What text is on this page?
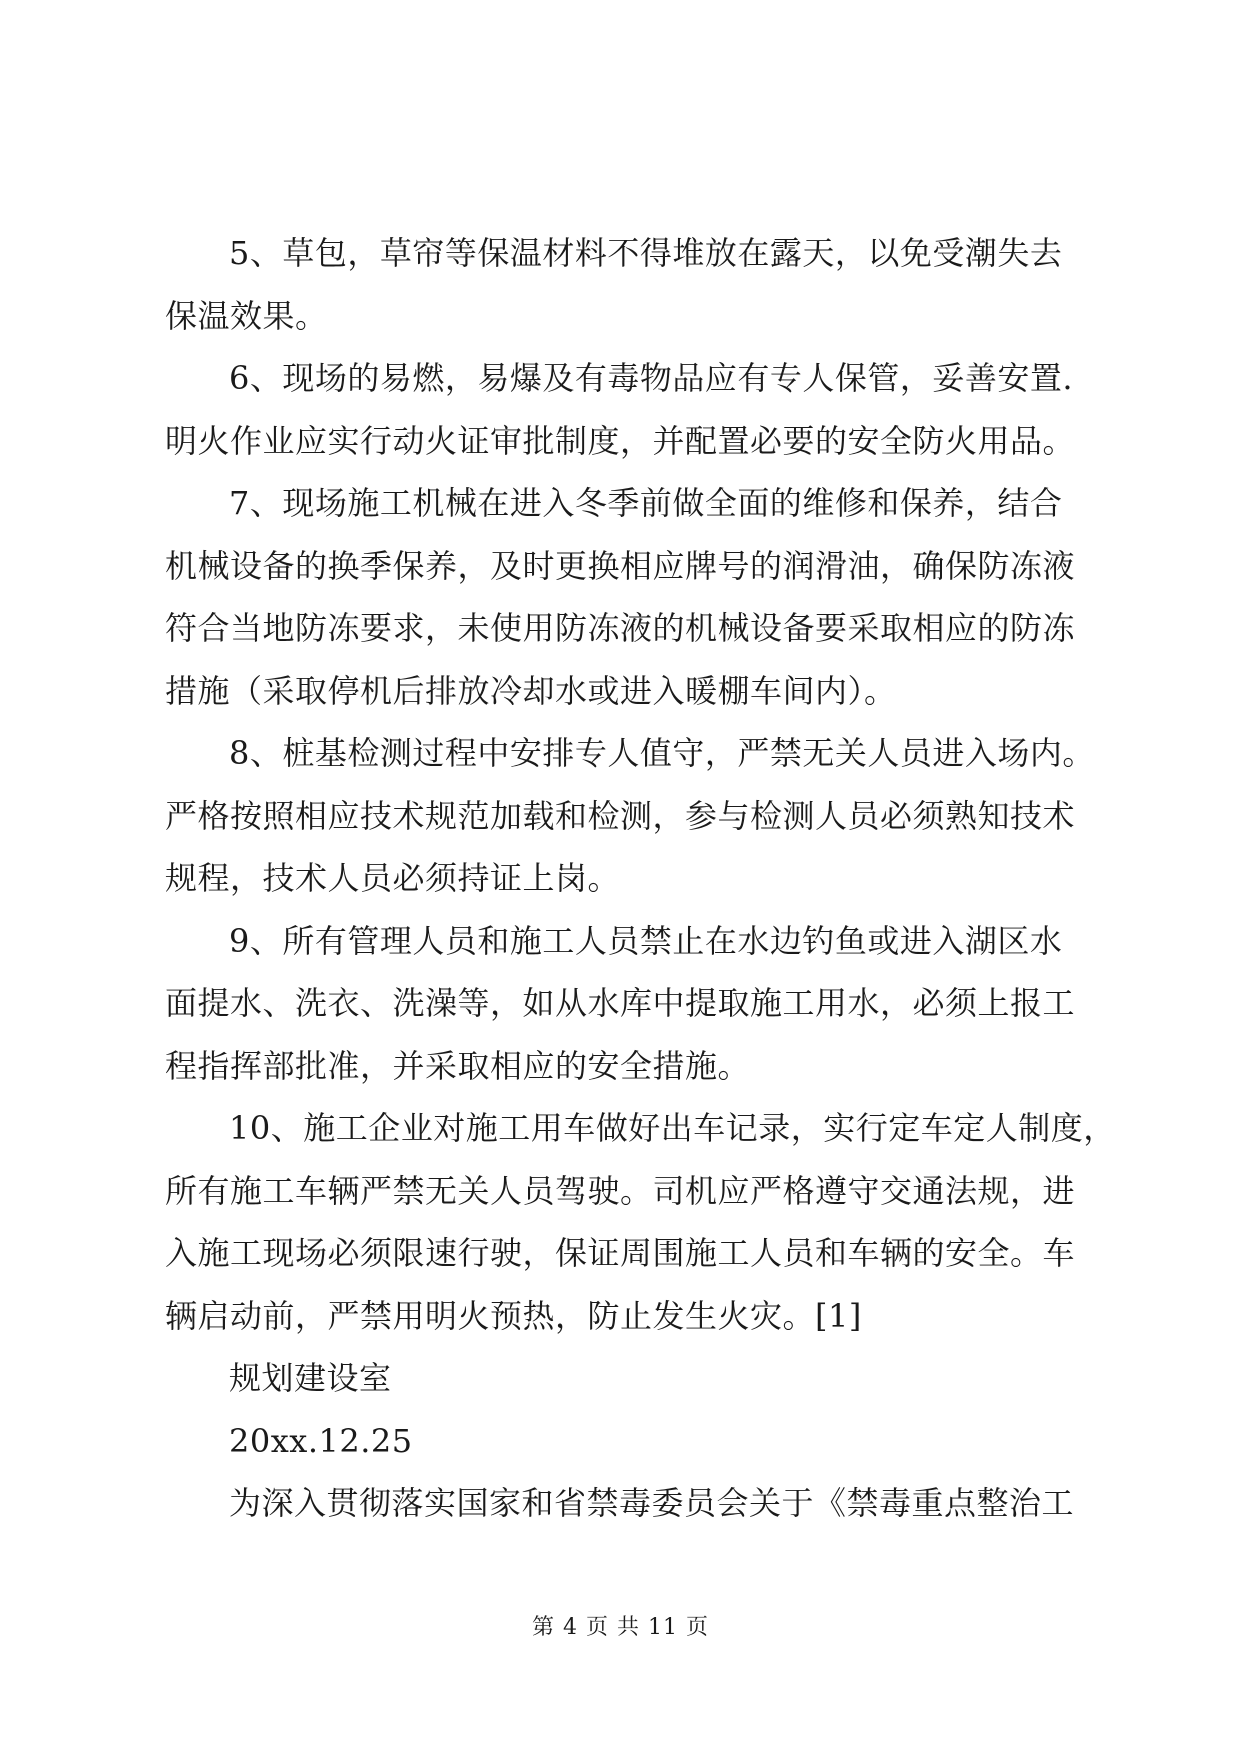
5、草包，草帘等保温材料不得堆放在露天，以免受潮失去
保温效果。
6、现场的易燃，易爆及有毒物品应有专人保管，妥善安置.
明火作业应实行动火证审批制度，并配置必要的安全防火用品。
7、现场施工机械在进入冬季前做全面的维修和保养，结合
机械设备的换季保养，及时更换相应牌号的润滑油，确保防冻液
符合当地防冻要求，未使用防冻液的机械设备要采取相应的防冻
措施（采取停机后排放冷却水或进入暖棚车间内）。
8、桩基检测过程中安排专人值守，严禁无关人员进入场内。
严格按照相应技术规范加载和检测，参与检测人员必须熟知技术
规程，技术人员必须持证上岗。
9、所有管理人员和施工人员禁止在水边钓鱼或进入湖区水
面提水、洗衣、洗澡等，如从水库中提取施工用水，必须上报工
程指挥部批准，并采取相应的安全措施。
10、施工企业对施工用车做好出车记录，实行定车定人制度，
所有施工车辆严禁无关人员驾驶。司机应严格遵守交通法规，进
入施工现场必须限速行驶，保证周围施工人员和车辆的安全。车
辆启动前，严禁用明火预热，防止发生火灾。[1]
规划建设室
20xx.12.25
为深入贯彻落实国家和省禁毒委员会关于《禁毒重点整治工
第 4 页 共 11 页
